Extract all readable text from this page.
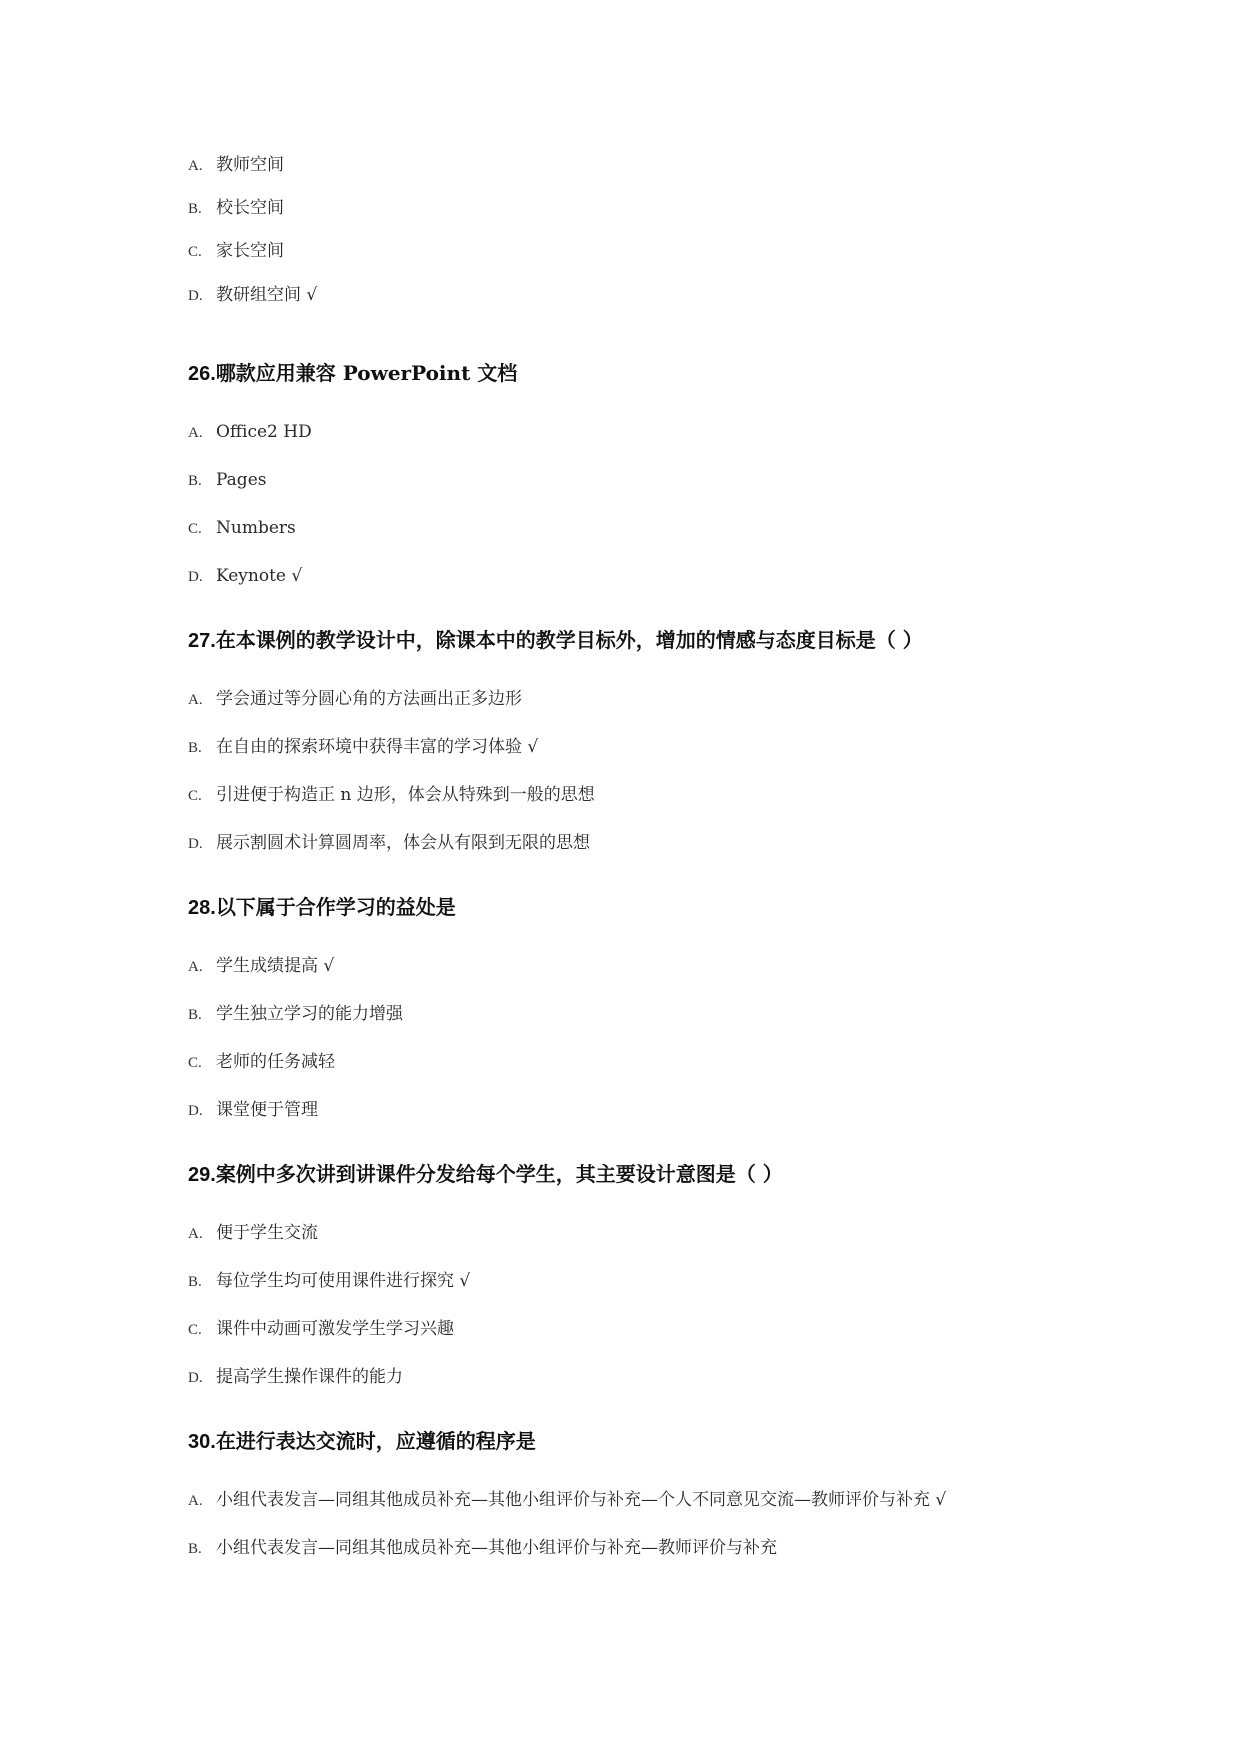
A. 教师空间
B. 校长空间
C. 家长空间
D. 教研组空间 √
26.哪款应用兼容 PowerPoint 文档
A. Office2 HD
B. Pages
C. Numbers
D. Keynote √
27.在本课例的教学设计中，除课本中的教学目标外，增加的情感与态度目标是（ ）
A. 学会通过等分圆心角的方法画出正多边形
B. 在自由的探索环境中获得丰富的学习体验 √
C. 引进便于构造正 n 边形，体会从特殊到一般的思想
D. 展示割圆术计算圆周率，体会从有限到无限的思想
28.以下属于合作学习的益处是
A. 学生成绩提高 √
B. 学生独立学习的能力增强
C. 老师的任务减轻
D. 课堂便于管理
29.案例中多次讲到讲课件分发给每个学生，其主要设计意图是（ ）
A. 便于学生交流
B. 每位学生均可使用课件进行探究 √
C. 课件中动画可激发学生学习兴趣
D. 提高学生操作课件的能力
30.在进行表达交流时，应遵循的程序是
A. 小组代表发言—同组其他成员补充—其他小组评价与补充—个人不同意见交流—教师评价与补充 √
B. 小组代表发言—同组其他成员补充—其他小组评价与补充—教师评价与补充
